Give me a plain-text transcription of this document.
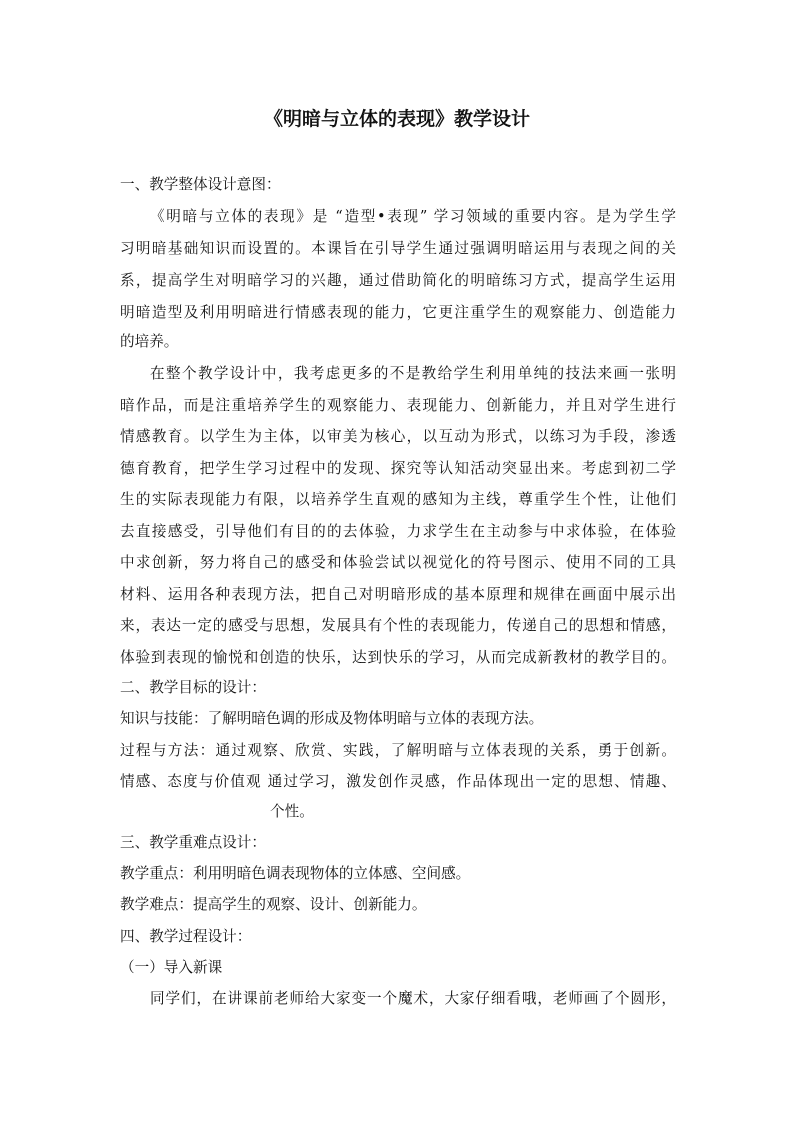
《明暗与立体的表现》教学设计
一、教学整体设计意图：
《明暗与立体的表现》是 “造型•表现” 学习领域的重要内容。是为学生学
习明暗基础知识而设置的。本课旨在引导学生通过强调明暗运用与表现之间的关
系，提高学生对明暗学习的兴趣，通过借助简化的明暗练习方式，提高学生运用
明暗造型及利用明暗进行情感表现的能力，它更注重学生的观察能力、创造能力
的培养。
在整个教学设计中，我考虑更多的不是教给学生利用单纯的技法来画一张明
暗作品，而是注重培养学生的观察能力、表现能力、创新能力，并且对学生进行
情感教育。以学生为主体，以审美为核心，以互动为形式，以练习为手段，渗透
德育教育，把学生学习过程中的发现、探究等认知活动突显出来。考虑到初二学
生的实际表现能力有限，以培养学生直观的感知为主线，尊重学生个性，让他们
去直接感受，引导他们有目的的去体验，力求学生在主动参与中求体验，在体验
中求创新，努力将自己的感受和体验尝试以视觉化的符号图示、使用不同的工具
材料、运用各种表现方法，把自己对明暗形成的基本原理和规律在画面中展示出
来，表达一定的感受与思想，发展具有个性的表现能力，传递自己的思想和情感，
体验到表现的愉悦和创造的快乐，达到快乐的学习，从而完成新教材的教学目的。
二、教学目标的设计：
知识与技能：了解明暗色调的形成及物体明暗与立体的表现方法。
过程与方法：通过观察、欣赏、实践，了解明暗与立体表现的关系，勇于创新。
情感、态度与价值观 通过学习，激发创作灵感，作品体现出一定的思想、情趣、
个性。
三、教学重难点设计：
教学重点：利用明暗色调表现物体的立体感、空间感。
教学难点：提高学生的观察、设计、创新能力。
四、教学过程设计：
（一）导入新课
同学们，在讲课前老师给大家变一个魔术，大家仔细看哦，老师画了个圆形，
